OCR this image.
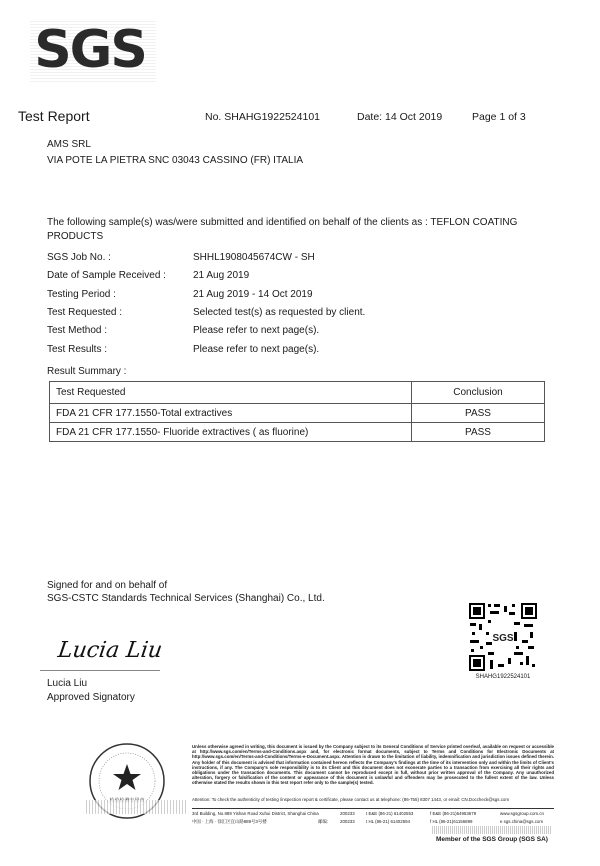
SGS
Test Report	No. SHAHG1922524101	Date: 14 Oct 2019	Page 1 of 3
AMS SRL
VIA POTE LA PIETRA SNC 03043 CASSINO (FR) ITALIA
The following sample(s) was/were submitted and identified on behalf of the clients as : TEFLON COATING
PRODUCTS
SGS Job No. :	SHHL1908045674CW - SH
Date of Sample Received :	21 Aug 2019
Testing Period :	21 Aug 2019 - 14 Oct 2019
Test Requested :	Selected test(s) as requested by client.
Test Method :	Please refer to next page(s).
Test Results :	Please refer to next page(s).
Result Summary :
Test Requested	Conclusion
FDA 21 CFR 177.1550-Total extractives	PASS
FDA 21 CFR 177.1550- Fluoride extractives ( as fluorine)	PASS
Signed for and on behalf of
SGS-CSTC Standards Technical Services (Shanghai) Co., Ltd.
Lucia Liu
Lucia Liu
Approved Signatory
SGS
SHAHG1922524101
Unless otherwise agreed in writing, this document is issued by the Company subject to its General Conditions of Service printed overleaf, available on request or accessible at http://www.sgs.com/en/Terms-and-Conditions.aspx and, for electronic format documents, subject to Terms and Conditions for Electronic Documents at http://www.sgs.com/en/Terms-and-Conditions/Terms-e-Document.aspx. Attention is drawn to the limitation of liability, indemnification and jurisdiction issues defined therein. Any holder of this document is advised that information contained hereon reflects the Company's findings at the time of its intervention only and within the limits of Client's instructions, if any. The Company's sole responsibility is to its Client and this document does not exonerate parties to a transaction from exercising all their rights and obligations under the transaction documents. This document cannot be reproduced except in full, without prior written approval of the Company. Any unauthorized alteration, forgery or falsification of the content or appearance of this document is unlawful and offenders may be prosecuted to the fullest extent of the law. Unless otherwise stated the results shown in this test report refer only to the sample(s) tested.
Attention: To check the authenticity of testing /inspection report & certificate, please contact us at telephone: (86-755) 8307 1443, or email: CN.Doccheck@sgs.com
3rd Building, No.889 Yishan Road Xuhui District, Shanghai China	200233	t E&E (86-21) 61402553	f E&E (86-21)64953679	www.sgsgroup.com.cn
中国 · 上海 · 徐汇区宜山路889号3号楼	邮编:	200233	t HL (86-21) 61402594	f HL (86-21)61156899	e sgs.china@sgs.com
Member of the SGS Group (SGS SA)
